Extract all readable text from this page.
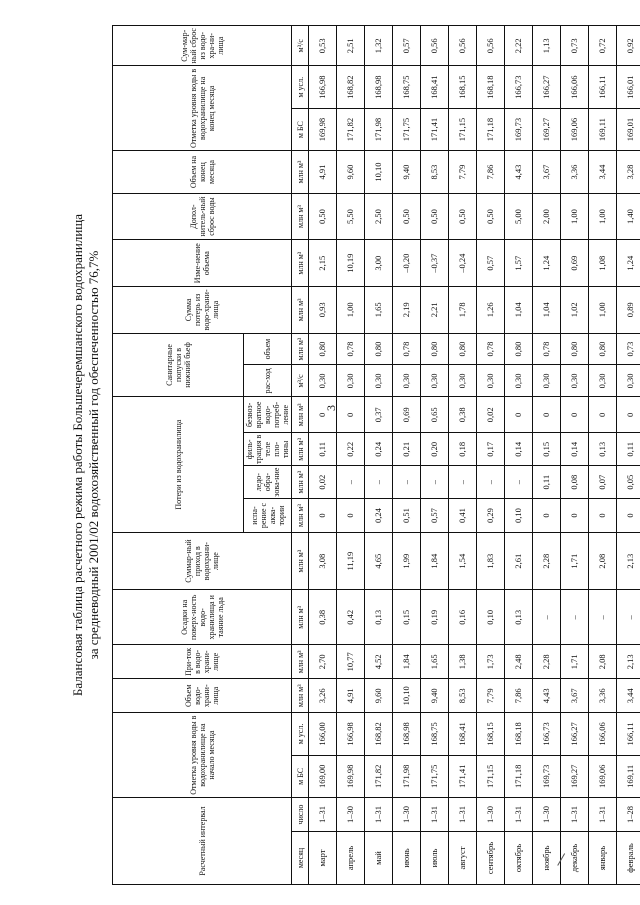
3
Балансовая таблица расчетного режима работы Большечеремшанского водохранилища за средневодный 2001/02 водохозяйственный год обеспеченностью 76,7%
Расчетный интервал		Отметка уровня воды в водохранилище на начало месяца		Объем водо-храни-лища	При-ток в водо-храни-лище	Осадки на поверх-ность водо-хранилища и таяние льда	Суммар-ный приход в водохрани-лище	Потери из водохранилища				Санитарные попуски в нижний бьеф		Сумма потерь из водо-храни-лища	Изме-нение объема	Допол-нитель-ный сброс воды	Объем на конец месяца	Отметка уровня воды в водохранилище на конец месяца		Сум-мар-ный сброс из водо-хра-ни-лища
								испа-рение с аква-тории	ледо-обра-зова-ние	филь-трация в теле пло-тины	безвоз-вратное водо-потреб-ление	рас-ход	объем							
месяц	число	м БС	м усл.	млн м³	млн м³	млн м³	млн м³	млн м³	млн м³	млн м³	млн м³	м³/с	млн м³	млн м³	млн м³	млн м³	млн м³	м БС	м усл.	м³/с
март	1–31	169,00	166,00	3,26	2,70	0,38	3,08	0	0,02	0,11	0	0,30	0,80	0,93	2,15	0,50	4,91	169,98	166,98	0,53
апрель	1–30	169,98	166,98	4,91	10,77	0,42	11,19	0	–	0,22	0	0,30	0,78	1,00	10,19	5,50	9,60	171,82	168,82	2,51
май	1–31	171,82	168,82	9,60	4,52	0,13	4,65	0,24	–	0,24	0,37	0,30	0,80	1,65	3,00	2,50	10,10	171,98	168,98	1,32
июнь	1–30	171,98	168,98	10,10	1,84	0,15	1,99	0,51	–	0,21	0,69	0,30	0,78	2,19	–0,20	0,50	9,40	171,75	168,75	0,57
июль	1–31	171,75	168,75	9,40	1,65	0,19	1,84	0,57	–	0,20	0,65	0,30	0,80	2,21	–0,37	0,50	8,53	171,41	168,41	0,56
август	1–31	171,41	168,41	8,53	1,38	0,16	1,54	0,41	–	0,18	0,38	0,30	0,80	1,78	–0,24	0,50	7,79	171,15	168,15	0,56
сентябрь	1–30	171,15	168,15	7,79	1,73	0,10	1,83	0,29	–	0,17	0,02	0,30	0,78	1,26	0,57	0,50	7,86	171,18	168,18	0,56
октябрь	1–31	171,18	168,18	7,86	2,48	0,13	2,61	0,10	–	0,14	0	0,30	0,80	1,04	1,57	5,00	4,43	169,73	166,73	2,22
ноябрь	1–30	169,73	166,73	4,43	2,28	–	2,28	0	0,11	0,15	0	0,30	0,78	1,04	1,24	2,00	3,67	169,27	166,27	1,13
декабрь	1–31	169,27	166,27	3,67	1,71	–	1,71	0	0,08	0,14	0	0,30	0,80	1,02	0,69	1,00	3,36	169,06	166,06	0,73
январь	1–31	169,06	166,06	3,36	2,08	–	2,08	0	0,07	0,13	0	0,30	0,80	1,00	1,08	1,00	3,44	169,11	166,11	0,72
февраль	1–28	169,11	166,11	3,44	2,13	–	2,13	0	0,05	0,11	0	0,30	0,73	0,89	1,24	1,40	3,28	169,01	166,01	0,92
